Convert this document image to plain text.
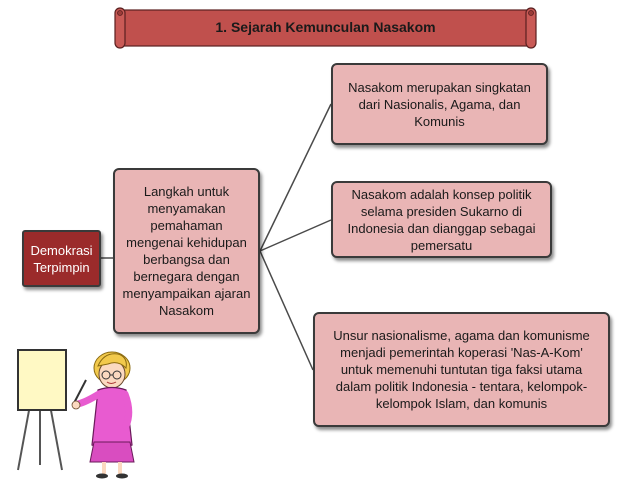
1. Sejarah Kemunculan Nasakom
Demokrasi Terpimpin
Langkah untuk menyamakan pemahaman mengenai kehidupan berbangsa dan bernegara dengan menyampaikan ajaran Nasakom
Nasakom merupakan singkatan dari Nasionalis, Agama, dan Komunis
Nasakom adalah konsep politik selama presiden Sukarno di Indonesia dan dianggap sebagai pemersatu
Unsur nasionalisme, agama dan komunisme menjadi pemerintah koperasi 'Nas-A-Kom' untuk memenuhi tuntutan tiga faksi utama dalam politik Indonesia - tentara, kelompok-kelompok Islam, dan komunis
